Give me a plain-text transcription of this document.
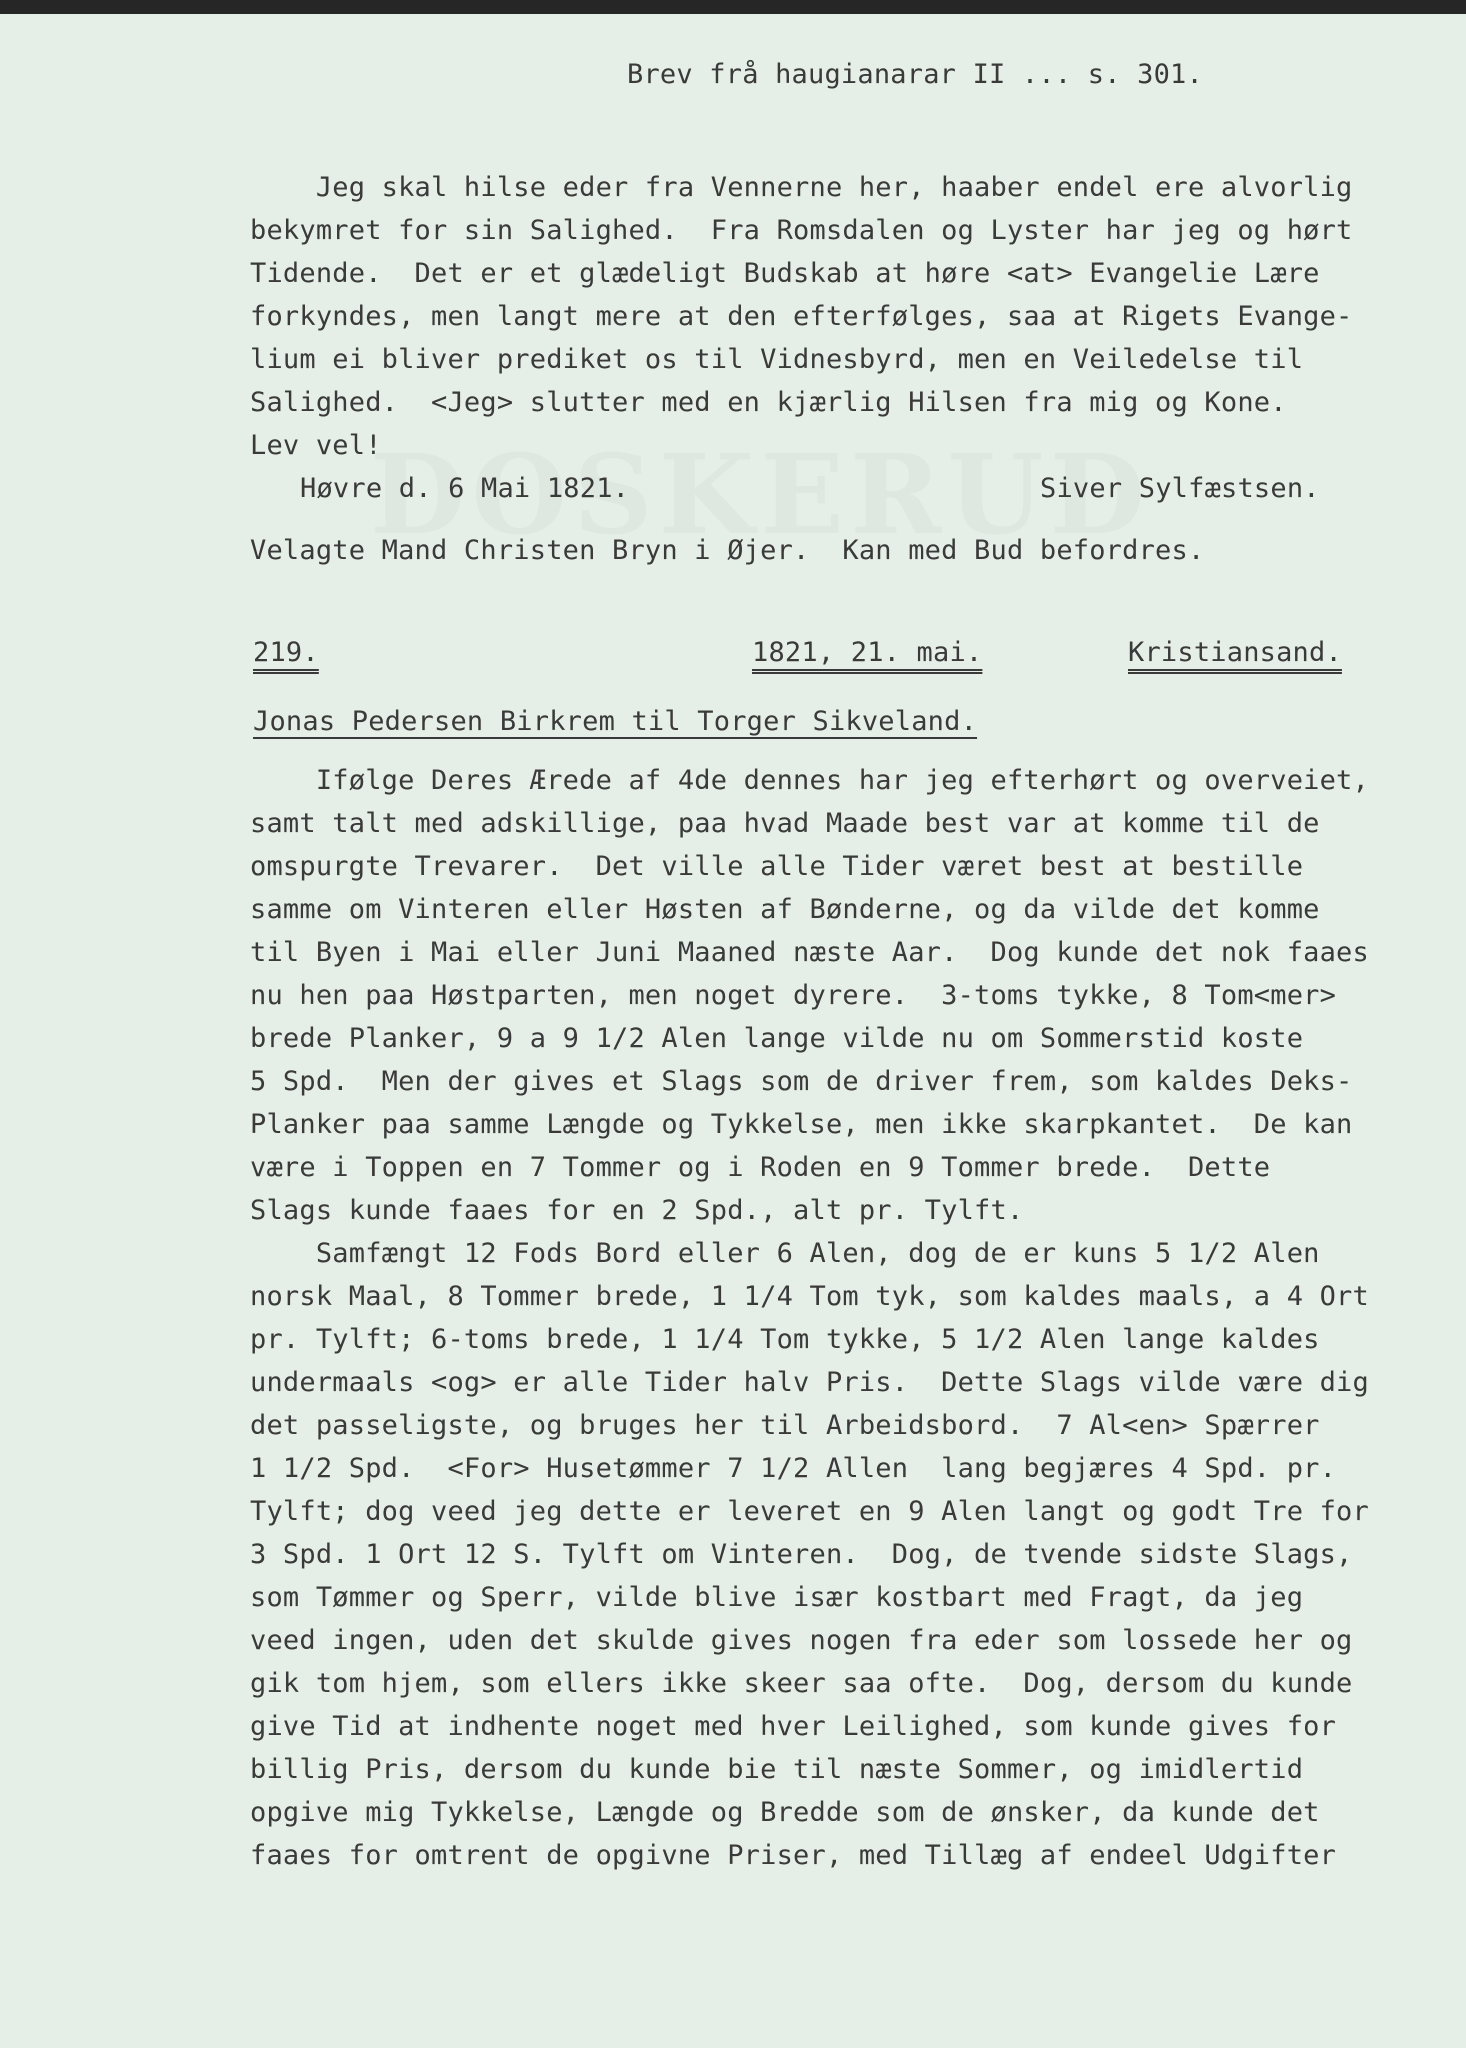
Brev frå haugianarar II ... s. 301.
Jeg skal hilse eder fra Vennerne her, haaber endel ere alvorlig
bekymret for sin Salighed.  Fra Romsdalen og Lyster har jeg og hørt
Tidende.  Det er et glædeligt Budskab at høre <at> Evangelie Lære
forkyndes, men langt mere at den efterfølges, saa at Rigets Evange-
lium ei bliver prediket os til Vidnesbyrd, men en Veiledelse til
Salighed.  <Jeg> slutter med en kjærlig Hilsen fra mig og Kone.
Lev vel!
Høvre d. 6 Mai 1821.	Siver Sylfæstsen.
Velagte Mand Christen Bryn i Øjer.  Kan med Bud befordres.
219.	1821, 21. mai.	Kristiansand.
Jonas Pedersen Birkrem til Torger Sikveland.
Ifølge Deres Ærede af 4de dennes har jeg efterhørt og overveiet,
samt talt med adskillige, paa hvad Maade best var at komme til de
omspurgte Trevarer.  Det ville alle Tider været best at bestille
samme om Vinteren eller Høsten af Bønderne, og da vilde det komme
til Byen i Mai eller Juni Maaned næste Aar.  Dog kunde det nok faaes
nu hen paa Høstparten, men noget dyrere.  3-toms tykke, 8 Tom<mer>
brede Planker, 9 a 9 1/2 Alen lange vilde nu om Sommerstid koste
5 Spd.  Men der gives et Slags som de driver frem, som kaldes Deks-
Planker paa samme Længde og Tykkelse, men ikke skarpkantet.  De kan
være i Toppen en 7 Tommer og i Roden en 9 Tommer brede.  Dette
Slags kunde faaes for en 2 Spd., alt pr. Tylft.
Samfængt 12 Fods Bord eller 6 Alen, dog de er kuns 5 1/2 Alen
norsk Maal, 8 Tommer brede, 1 1/4 Tom tyk, som kaldes maals, a 4 Ort
pr. Tylft; 6-toms brede, 1 1/4 Tom tykke, 5 1/2 Alen lange kaldes
undermaals <og> er alle Tider halv Pris.  Dette Slags vilde være dig
det passeligste, og bruges her til Arbeidsbord.  7 Al<en> Spærrer
1 1/2 Spd.  <For> Husetømmer 7 1/2 Allen  lang begjæres 4 Spd. pr.
Tylft; dog veed jeg dette er leveret en 9 Alen langt og godt Tre for
3 Spd. 1 Ort 12 S. Tylft om Vinteren.  Dog, de tvende sidste Slags,
som Tømmer og Sperr, vilde blive især kostbart med Fragt, da jeg
veed ingen, uden det skulde gives nogen fra eder som lossede her og
gik tom hjem, som ellers ikke skeer saa ofte.  Dog, dersom du kunde
give Tid at indhente noget med hver Leilighed, som kunde gives for
billig Pris, dersom du kunde bie til næste Sommer, og imidlertid
opgive mig Tykkelse, Længde og Bredde som de ønsker, da kunde det
faaes for omtrent de opgivne Priser, med Tillæg af endeel Udgifter
